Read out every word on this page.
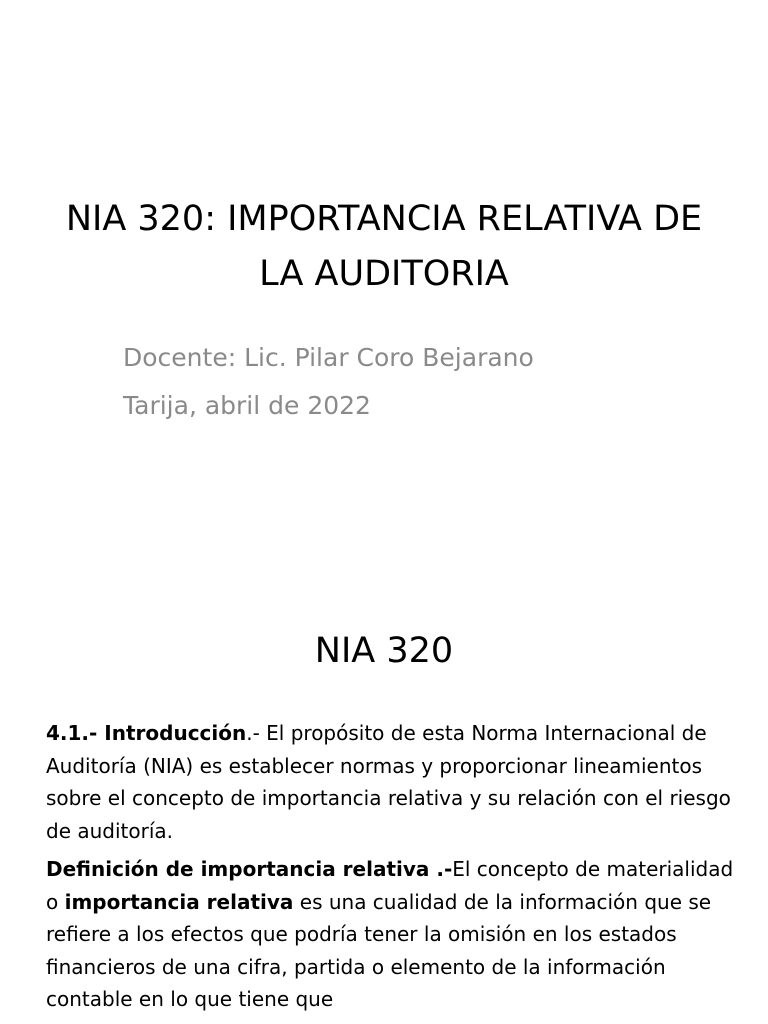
NIA 320: IMPORTANCIA RELATIVA DE LA AUDITORIA
Docente: Lic. Pilar Coro Bejarano
Tarija, abril de 2022
NIA 320

4.1.- Introducción.- El propósito de esta Norma Internacional de Auditoría (NIA) es establecer normas y proporcionar lineamientos sobre el concepto de importancia relativa y su relación con el riesgo de auditoría.

Definición de importancia relativa .-El concepto de materialidad o importancia relativa es una cualidad de la información que se refiere a los efectos que podría tener la omisión en los estados financieros de una cifra, partida o elemento de la información contable en lo que tiene que
